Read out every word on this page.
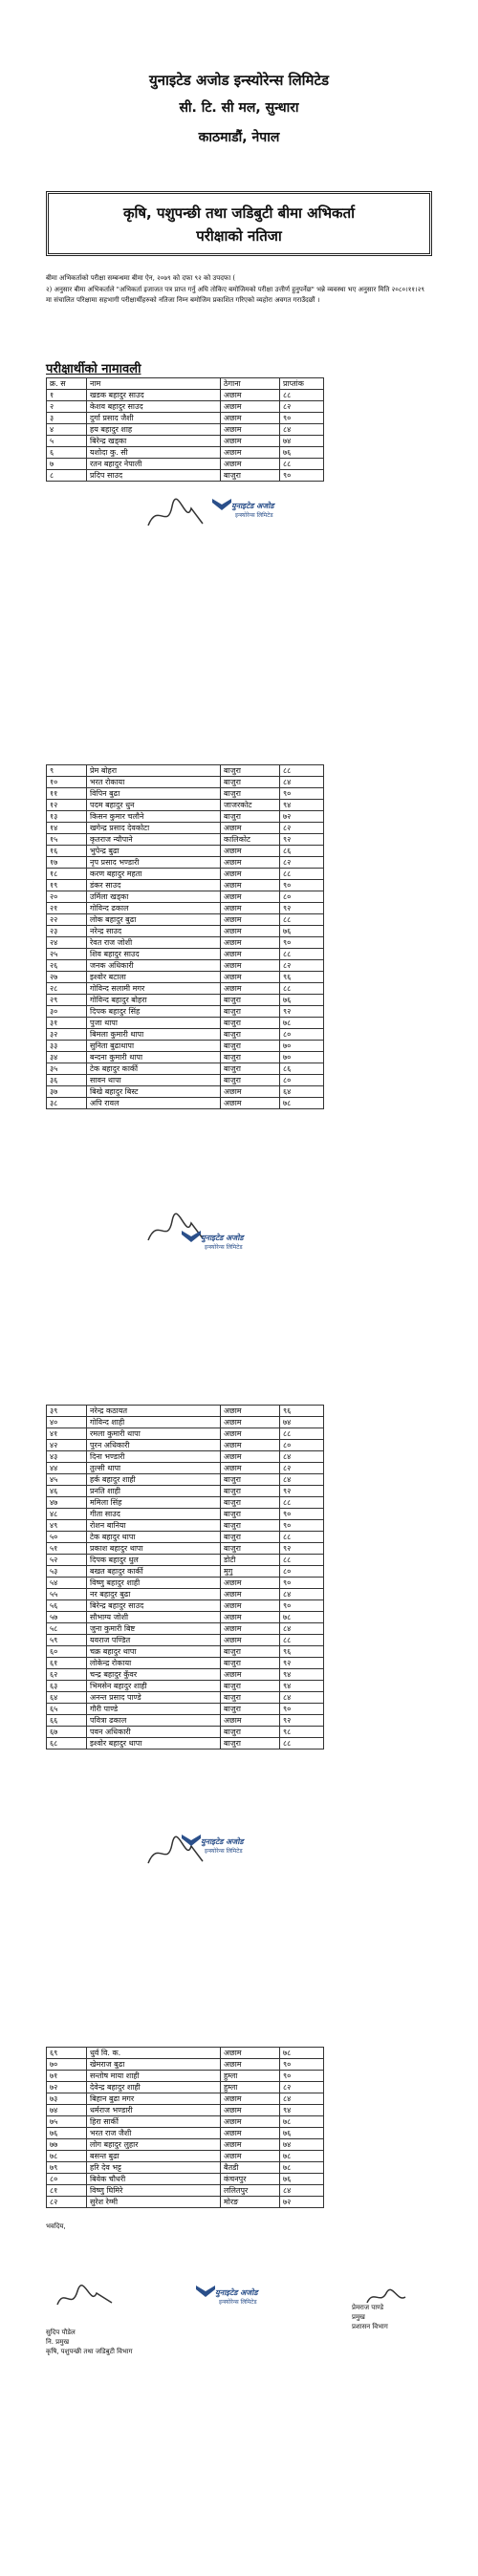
युनाइटेड अजोड इन्स्योरेन्स लिमिटेड
सी. टि. सी मल, सुन्धारा
काठमाडौं, नेपाल
कृषि, पशुपन्छी तथा जडिबुटी बीमा अभिकर्ता
परीक्षाको नतिजा

बीमा अभिकर्ताको परीक्षा सम्बन्धमा बीमा ऐन, २०७९ को दफा ९२ को उपदफा (

२) अनुसार बीमा अभिकर्ताले "अभिकर्ता इजाजत पत्र प्राप्त गर्नु अघि तोकिए बमोजिमको परीक्षा उत्तीर्ण हुनुपर्नेछ" भन्ने व्यवस्था भए अनुसार मिति २०८०।११।२९ मा संचालित परिक्षामा सहभागी परीक्षार्थीहरुको नतिजा निम्न बमोजिम प्रकाशित गरिएको व्यहोरा अवगत गराउँदछौं ।

परीक्षार्थीको नामावली
क्र. स	नाम	ठेगाना	प्राप्तांक
१	खडक बहादुर साउद	अछाम	८८
२	केशव बहादुर साउद	अछाम	८२
३	दुर्गा प्रसाद जैशी	अछाम	९०
४	हय बहादुर शाह	अछाम	८४
५	बिरेन्द्र खड्का	अछाम	७४
६	यशोदा कु. सी	अछाम	७६
७	रतन बहादुर नेपाली	अछाम	८८
८	प्रदिप साउद	बाजुरा	९०
युनाइटेड अजोड
इन्स्योरेन्स लिमिटेड
९	प्रेम बोहरा	बाजुरा	८८
१०	भरत रोकाया	बाजुरा	८४
११	विपिन बुढा	बाजुरा	९०
१२	पदम बहादुर धुन	जाजरकोट	९४
१३	किसन कुमार चलौने	बाजुरा	७२
१४	खगेन्द्र प्रसाद देवकोटा	अछाम	८२
१५	कृतराज न्यौपाने	कालिकोट	९२
१६	भुपेन्द्र बुढा	अछाम	८६
१७	नृप प्रसाद भण्डारी	अछाम	८२
१८	करण बहादुर महता	अछाम	८८
१९	डंकर साउद	अछाम	९०
२०	उर्मिला खड्का	अछाम	८०
२१	गोविन्द ढकाल	अछाम	९२
२२	लोक बहादुर बुढा	अछाम	८८
२३	नरेन्द्र साउद	अछाम	७६
२४	रेवत राज जोशी	अछाम	९०
२५	शिव बहादुर साउद	अछाम	८८
२६	जनक अधिकारी	अछाम	८२
२७	इश्वोर बटाला	अछाम	९६
२८	गोविन्द सलामी मगर	अछाम	८८
२९	गोविन्द बहादुर बोहरा	बाजुरा	७६
३०	दिपक बहादुर सिंह	बाजुरा	९२
३१	पुजा थापा	बाजुरा	७८
३२	बिमला कुमारी थापा	बाजुरा	८०
३३	सुनिता बुढाथापा	बाजुरा	७०
३४	बन्दना कुमारी थापा	बाजुरा	७०
३५	टेक बहादुर कार्की	बाजुरा	८६
३६	सावन थापा	बाजुरा	८०
३७	बिखे बहादुर बिस्ट	अछाम	६४
३८	अपि रावल	अछाम	७८
युनाइटेड अजोड
इन्स्योरेन्स लिमिटेड
३९	नरेन्द्र कठायत	अछाम	९६
४०	गोविन्द शाही	अछाम	७४
४१	रमला कुमारी थापा	अछाम	८८
४२	पुरन अधिकारी	अछाम	८०
४३	दिना भण्डारी	अछाम	८४
४४	तुल्सी थापा	अछाम	८२
४५	हर्क बहादुर शाही	बाजुरा	८४
४६	प्रनति शाही	बाजुरा	९२
४७	ममिला सिंह	बाजुरा	८८
४८	गीता साउद	बाजुरा	९०
४९	रोशन बानिया	बाजुरा	९०
५०	टेक बहादुर थापा	बाजुरा	८८
५१	प्रकाश बहादुर थापा	बाजुरा	९२
५२	दिपक बहादुर धुल	डोटी	८८
५३	बखत बहादुर कार्की	मुगु	८०
५४	विष्णु बहादुर शाही	अछाम	९०
५५	नर बहादुर बुढा	अछाम	८४
५६	बिरेन्द्र बहादुर साउद	अछाम	९०
५७	सौभाग्य जोशी	अछाम	७८
५८	जुना कुमारी बिष्ट	अछाम	८४
५९	यवराज पण्डित	अछाम	८८
६०	चक्र बहादुर थापा	बाजुरा	९६
६१	लोकेन्द्र रोकाया	बाजुरा	९२
६२	चन्द्र बहादुर कुँवर	अछाम	९४
६३	भिमसेन बहादुर शाही	बाजुरा	९४
६४	अनन्त प्रसाद पाण्डे	बाजुरा	८४
६५	गौरी पाण्डे	बाजुरा	९०
६६	पवित्रा ढकाल	अछाम	९२
६७	पवन अधिकारी	बाजुरा	९८
६८	इश्वोर बहादुर थापा	बाजुरा	८८
युनाइटेड अजोड
इन्स्योरेन्स लिमिटेड
६९	धुर्व वि. क.	अछाम	७८
७०	खेमराज बुढा	अछाम	९०
७१	सन्तोष माया शाही	हुम्ला	९०
७२	देवेन्द्र बहादुर शाही	हुम्ला	८२
७३	बिहान बुढा मगर	अछाम	८४
७४	धर्मराज भण्डारी	अछाम	९४
७५	हिरा सार्की	अछाम	७८
७६	भरत राज जैशी	अछाम	७६
७७	लोग बहादुर लुहार	अछाम	७४
७८	बसन्त बुढा	अछाम	७८
७९	हरि देव भट्ट	बैतडी	७८
८०	बिवेक चौधरी	कंचनपुर	७६
८१	विष्णु घिमिरे	ललितपुर	८४
८२	सुरेश रेग्मी	मोरङ	७२
भवदिय,
युनाइटेड अजोड
इन्स्योरेन्स लिमिटेड
सुदिप पौडेल
नि. प्रमुख
कृषि, पशुपन्छी तथा जडिबुटी विभाग
प्रेमराज पाण्डे
प्रमुख
प्रशासन विभाग
